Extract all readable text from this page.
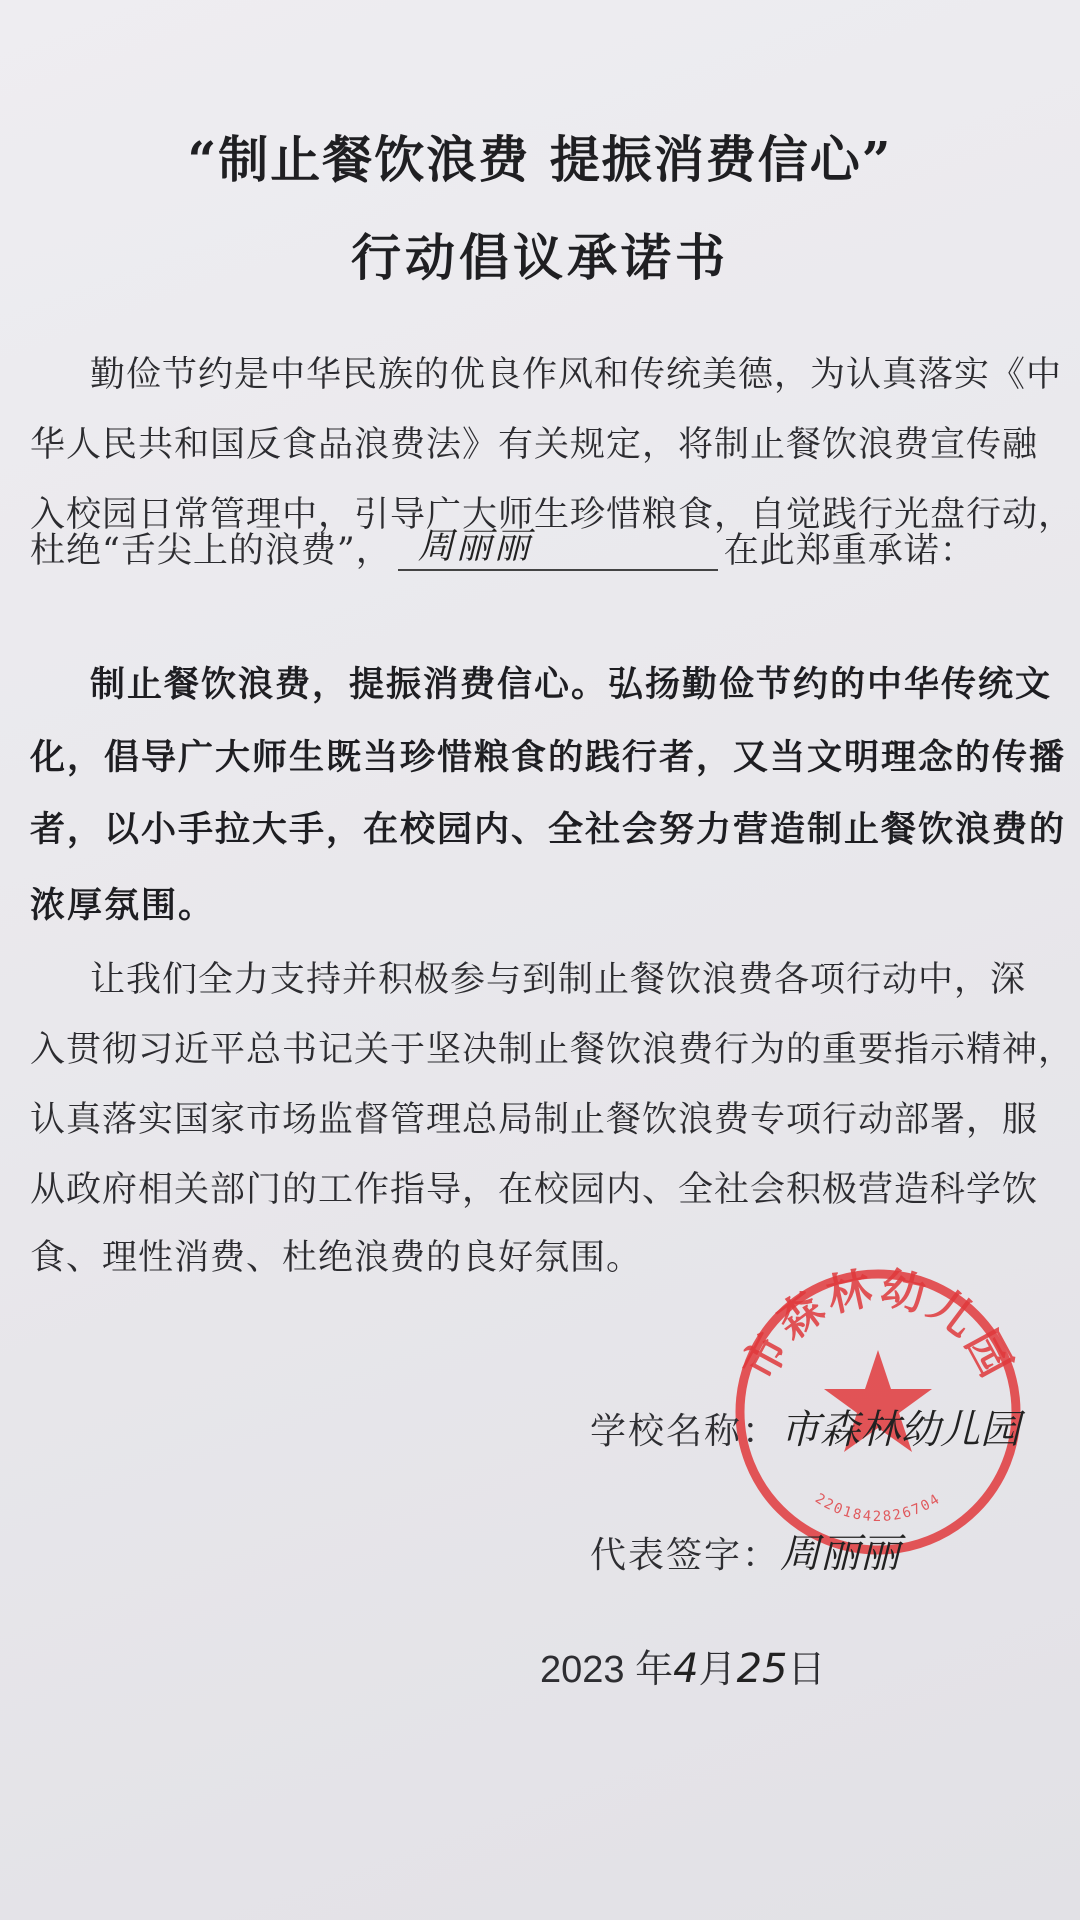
“制止餐饮浪费 提振消费信心”
行动倡议承诺书
勤俭节约是中华民族的优良作风和传统美德，为认真落实《中
华人民共和国反食品浪费法》有关规定，将制止餐饮浪费宣传融
入校园日常管理中，引导广大师生珍惜粮食，自觉践行光盘行动，
杜绝“舌尖上的浪费”， 周丽丽	在此郑重承诺：
制止餐饮浪费，提振消费信心。弘扬勤俭节约的中华传统文
化，倡导广大师生既当珍惜粮食的践行者，又当文明理念的传播
者，以小手拉大手，在校园内、全社会努力营造制止餐饮浪费的
浓厚氛围。
让我们全力支持并积极参与到制止餐饮浪费各项行动中，深
入贯彻习近平总书记关于坚决制止餐饮浪费行为的重要指示精神，
认真落实国家市场监督管理总局制止餐饮浪费专项行动部署，服
从政府相关部门的工作指导，在校园内、全社会积极营造科学饮
食、理性消费、杜绝浪费的良好氛围。
市森林幼儿园
2201842826704
学校名称：市森林幼儿园
代表签字：周丽丽
2023 年4月25日
